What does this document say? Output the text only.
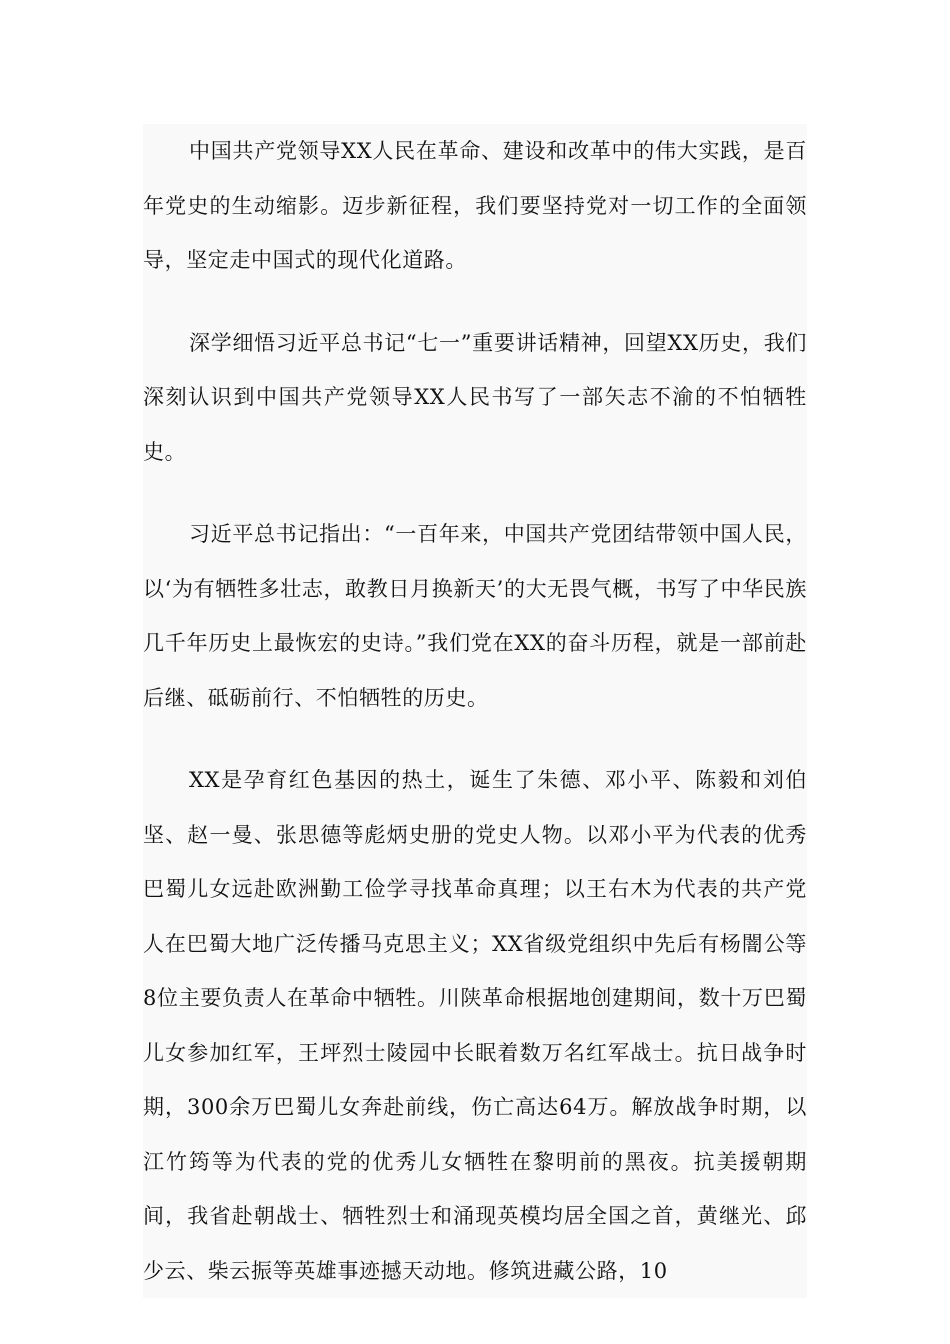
中国共产党领导XX人民在革命、建设和改革中的伟大实践，是百年党史的生动缩影。迈步新征程，我们要坚持党对一切工作的全面领导，坚定走中国式的现代化道路。

深学细悟习近平总书记“七一”重要讲话精神，回望XX历史，我们深刻认识到中国共产党领导XX人民书写了一部矢志不渝的不怕牺牲史。

习近平总书记指出：“一百年来，中国共产党团结带领中国人民，以‘为有牺牲多壮志，敢教日月换新天’的大无畏气概，书写了中华民族几千年历史上最恢宏的史诗。”我们党在XX的奋斗历程，就是一部前赴后继、砥砺前行、不怕牺牲的历史。

XX是孕育红色基因的热土，诞生了朱德、邓小平、陈毅和刘伯坚、赵一曼、张思德等彪炳史册的党史人物。以邓小平为代表的优秀巴蜀儿女远赴欧洲勤工俭学寻找革命真理；以王右木为代表的共产党人在巴蜀大地广泛传播马克思主义；XX省级党组织中先后有杨闇公等8位主要负责人在革命中牺牲。川陕革命根据地创建期间，数十万巴蜀儿女参加红军，王坪烈士陵园中长眠着数万名红军战士。抗日战争时期，300余万巴蜀儿女奔赴前线，伤亡高达64万。解放战争时期，以江竹筠等为代表的党的优秀儿女牺牲在黎明前的黑夜。抗美援朝期间，我省赴朝战士、牺牲烈士和涌现英模均居全国之首，黄继光、邱少云、柴云振等英雄事迹撼天动地。修筑进藏公路，10
